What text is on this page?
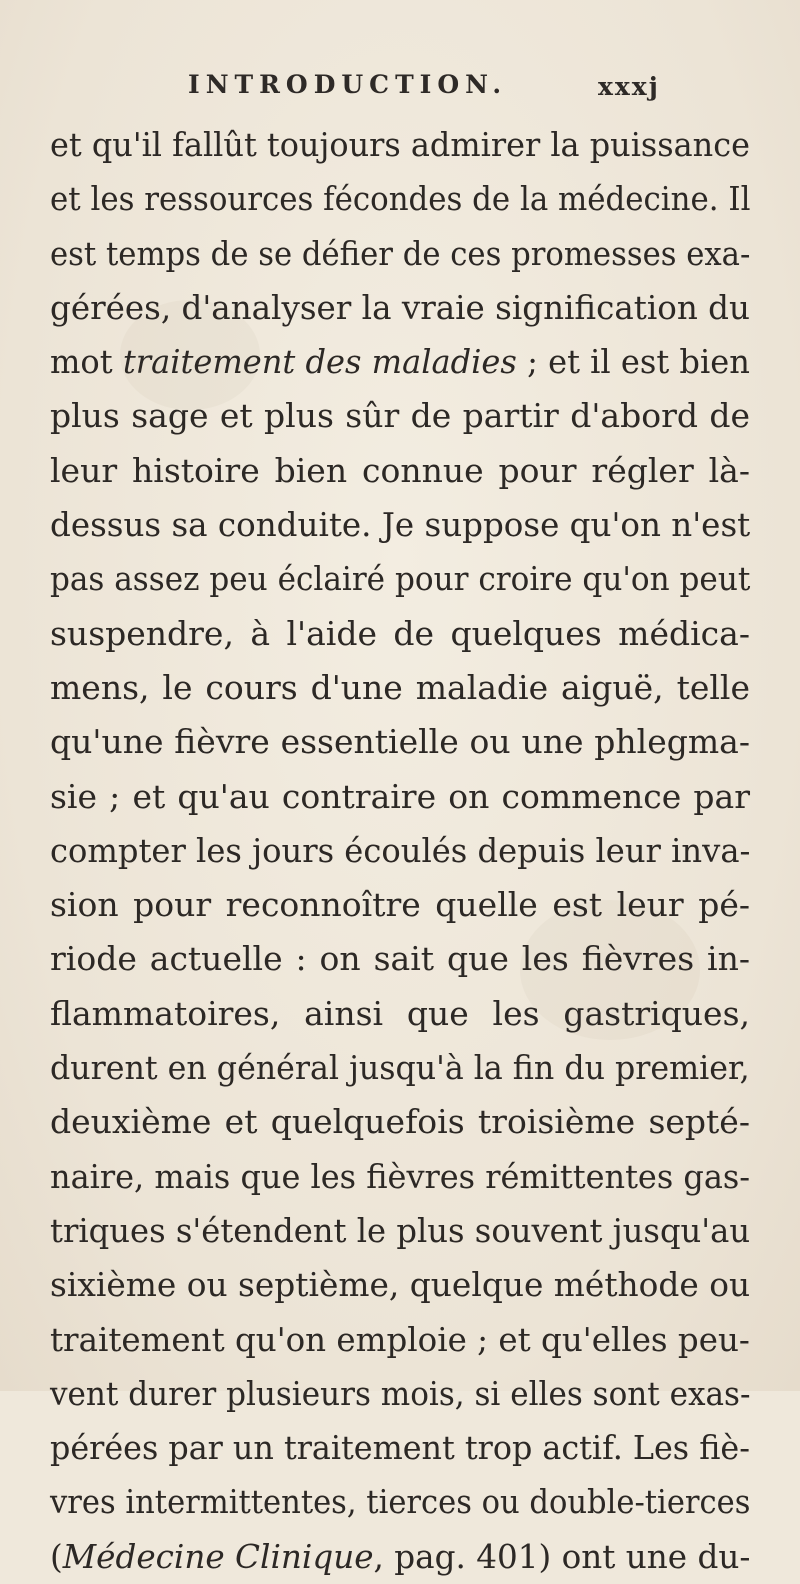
INTRODUCTION.	xxxj
et qu'il fallût toujours admirer la puissance
et les ressources fécondes de la médecine. Il
est temps de se défier de ces promesses exa-
gérées, d'analyser la vraie signification du
mot traitement des maladies ; et il est bien
plus sage et plus sûr de partir d'abord de
leur histoire bien connue pour régler là-
dessus sa conduite. Je suppose qu'on n'est
pas assez peu éclairé pour croire qu'on peut
suspendre, à l'aide de quelques médica-
mens, le cours d'une maladie aiguë, telle
qu'une fièvre essentielle ou une phlegma-
sie ; et qu'au contraire on commence par
compter les jours écoulés depuis leur inva-
sion pour reconnoître quelle est leur pé-
riode actuelle : on sait que les fièvres in-
flammatoires, ainsi que les gastriques,
durent en général jusqu'à la fin du premier,
deuxième et quelquefois troisième septé-
naire, mais que les fièvres rémittentes gas-
triques s'étendent le plus souvent jusqu'au
sixième ou septième, quelque méthode ou
traitement qu'on emploie ; et qu'elles peu-
vent durer plusieurs mois, si elles sont exas-
pérées par un traitement trop actif. Les fiè-
vres intermittentes, tierces ou double-tierces
(Médecine Clinique, pag. 401) ont une du-
